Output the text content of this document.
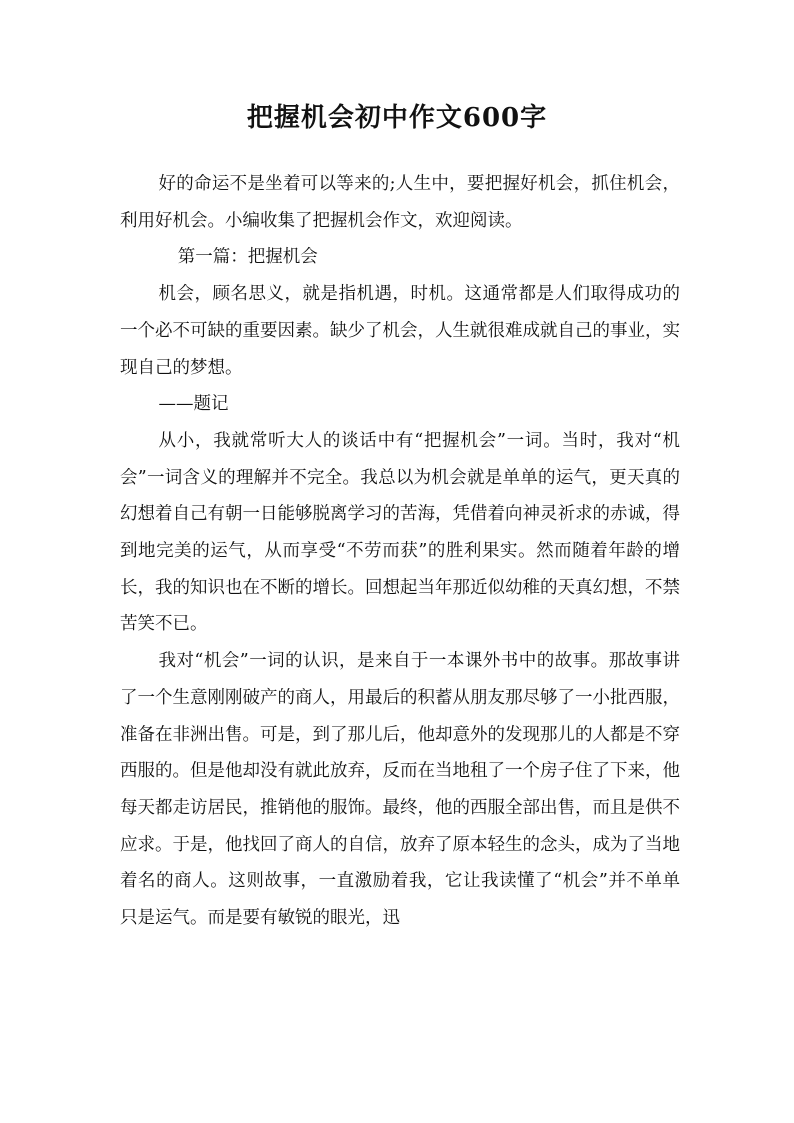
把握机会初中作文600字

好的命运不是坐着可以等来的;人生中，要把握好机会，抓住机会，利用好机会。小编收集了把握机会作文，欢迎阅读。

第一篇：把握机会

机会，顾名思义，就是指机遇，时机。这通常都是人们取得成功的一个必不可缺的重要因素。缺少了机会，人生就很难成就自己的事业，实现自己的梦想。

——题记

从小，我就常听大人的谈话中有“把握机会”一词。当时，我对“机会”一词含义的理解并不完全。我总以为机会就是单单的运气，更天真的幻想着自己有朝一日能够脱离学习的苦海，凭借着向神灵祈求的赤诚，得到地完美的运气，从而享受“不劳而获”的胜利果实。然而随着年龄的增长，我的知识也在不断的增长。回想起当年那近似幼稚的天真幻想，不禁苦笑不已。

我对“机会”一词的认识，是来自于一本课外书中的故事。那故事讲了一个生意刚刚破产的商人，用最后的积蓄从朋友那尽够了一小批西服，准备在非洲出售。可是，到了那儿后，他却意外的发现那儿的人都是不穿西服的。但是他却没有就此放弃，反而在当地租了一个房子住了下来，他每天都走访居民，推销他的服饰。最终，他的西服全部出售，而且是供不应求。于是，他找回了商人的自信，放弃了原本轻生的念头，成为了当地着名的商人。这则故事，一直激励着我，它让我读懂了“机会”并不单单只是运气。而是要有敏锐的眼光，迅
